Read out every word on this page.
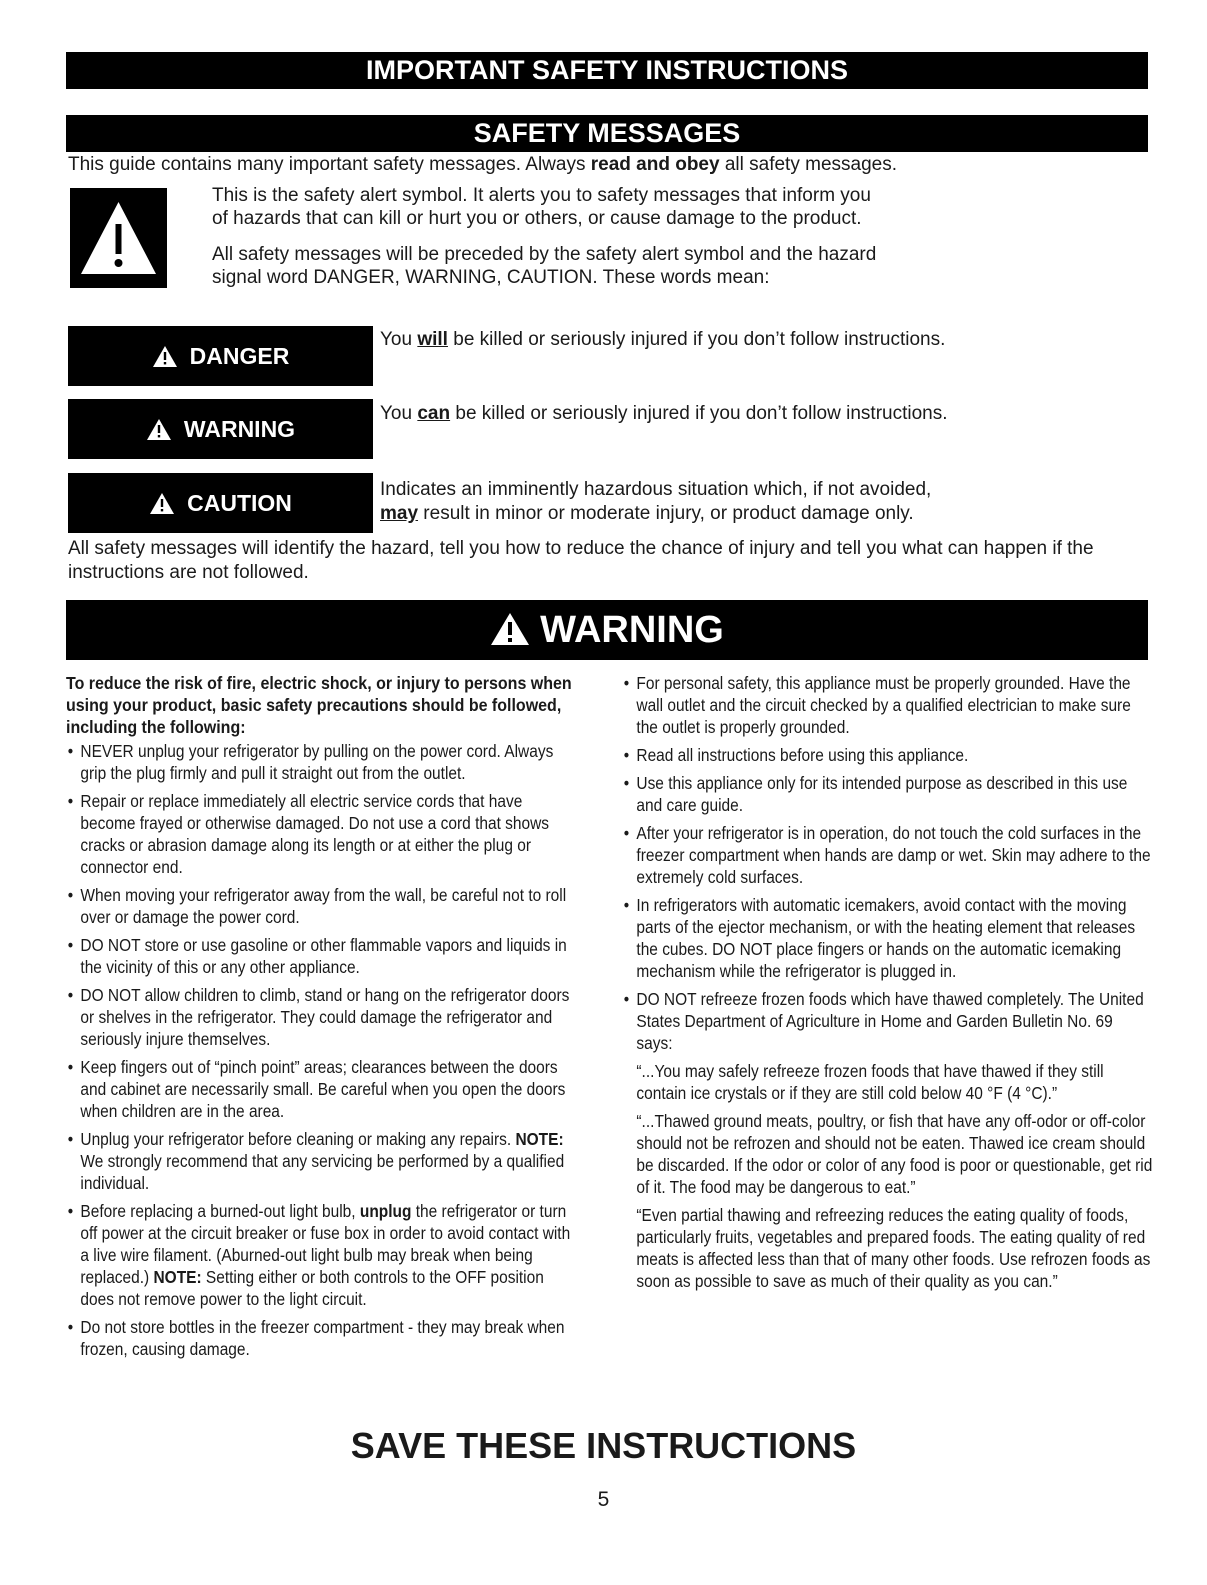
IMPORTANT SAFETY INSTRUCTIONS
SAFETY MESSAGES
This guide contains many important safety messages. Always read and obey all safety messages.
This is the safety alert symbol. It alerts you to safety messages that inform you
of hazards that can kill or hurt you or others, or cause damage to the product.
All safety messages will be preceded by the safety alert symbol and the hazard
signal word DANGER, WARNING, CAUTION. These words mean:
DANGER
You will be killed or seriously injured if you don’t follow instructions.
WARNING
You can be killed or seriously injured if you don’t follow instructions.
CAUTION	Indicates an imminently hazardous situation which, if not avoided,
may result in minor or moderate injury, or product damage only.
All safety messages will identify the hazard, tell you how to reduce the chance of injury and tell you what can happen if the instructions are not followed.
WARNING
To reduce the risk of fire, electric shock, or injury to persons when using your product, basic safety precautions should be followed, including the following:
• NEVER unplug your refrigerator by pulling on the power cord. Always grip the plug firmly and pull it straight out from the outlet.
• Repair or replace immediately all electric service cords that have become frayed or otherwise damaged. Do not use a cord that shows cracks or abrasion damage along its length or at either the plug or connector end.
• When moving your refrigerator away from the wall, be careful not to roll over or damage the power cord.
• DO NOT store or use gasoline or other flammable vapors and liquids in the vicinity of this or any other appliance.
• DO NOT allow children to climb, stand or hang on the refrigerator doors or shelves in the refrigerator. They could damage the refrigerator and seriously injure themselves.
• Keep fingers out of “pinch point” areas; clearances between the doors and cabinet are necessarily small. Be careful when you open the doors when children are in the area.
• Unplug your refrigerator before cleaning or making any repairs. NOTE: We strongly recommend that any servicing be performed by a qualified individual.
• Before replacing a burned-out light bulb, unplug the refrigerator or turn off power at the circuit breaker or fuse box in order to avoid contact with a live wire filament. (Aburned-out light bulb may break when being replaced.) NOTE: Setting either or both controls to the OFF position does not remove power to the light circuit.
• Do not store bottles in the freezer compartment - they may break when frozen, causing damage.
• For personal safety, this appliance must be properly grounded. Have the wall outlet and the circuit checked by a qualified electrician to make sure the outlet is properly grounded.
• Read all instructions before using this appliance.
• Use this appliance only for its intended purpose as described in this use and care guide.
• After your refrigerator is in operation, do not touch the cold surfaces in the freezer compartment when hands are damp or wet. Skin may adhere to the extremely cold surfaces.
• In refrigerators with automatic icemakers, avoid contact with the moving parts of the ejector mechanism, or with the heating element that releases the cubes. DO NOT place fingers or hands on the automatic icemaking mechanism while the refrigerator is plugged in.
• DO NOT refreeze frozen foods which have thawed completely. The United States Department of Agriculture in Home and Garden Bulletin No. 69 says:
“...You may safely refreeze frozen foods that have thawed if they still contain ice crystals or if they are still cold below 40 °F (4 °C).”
“...Thawed ground meats, poultry, or fish that have any off-odor or off-color should not be refrozen and should not be eaten. Thawed ice cream should be discarded. If the odor or color of any food is poor or questionable, get rid of it. The food may be dangerous to eat.”
“Even partial thawing and refreezing reduces the eating quality of foods, particularly fruits, vegetables and prepared foods. The eating quality of red meats is affected less than that of many other foods. Use refrozen foods as soon as possible to save as much of their quality as you can.”
SAVE THESE INSTRUCTIONS
5
